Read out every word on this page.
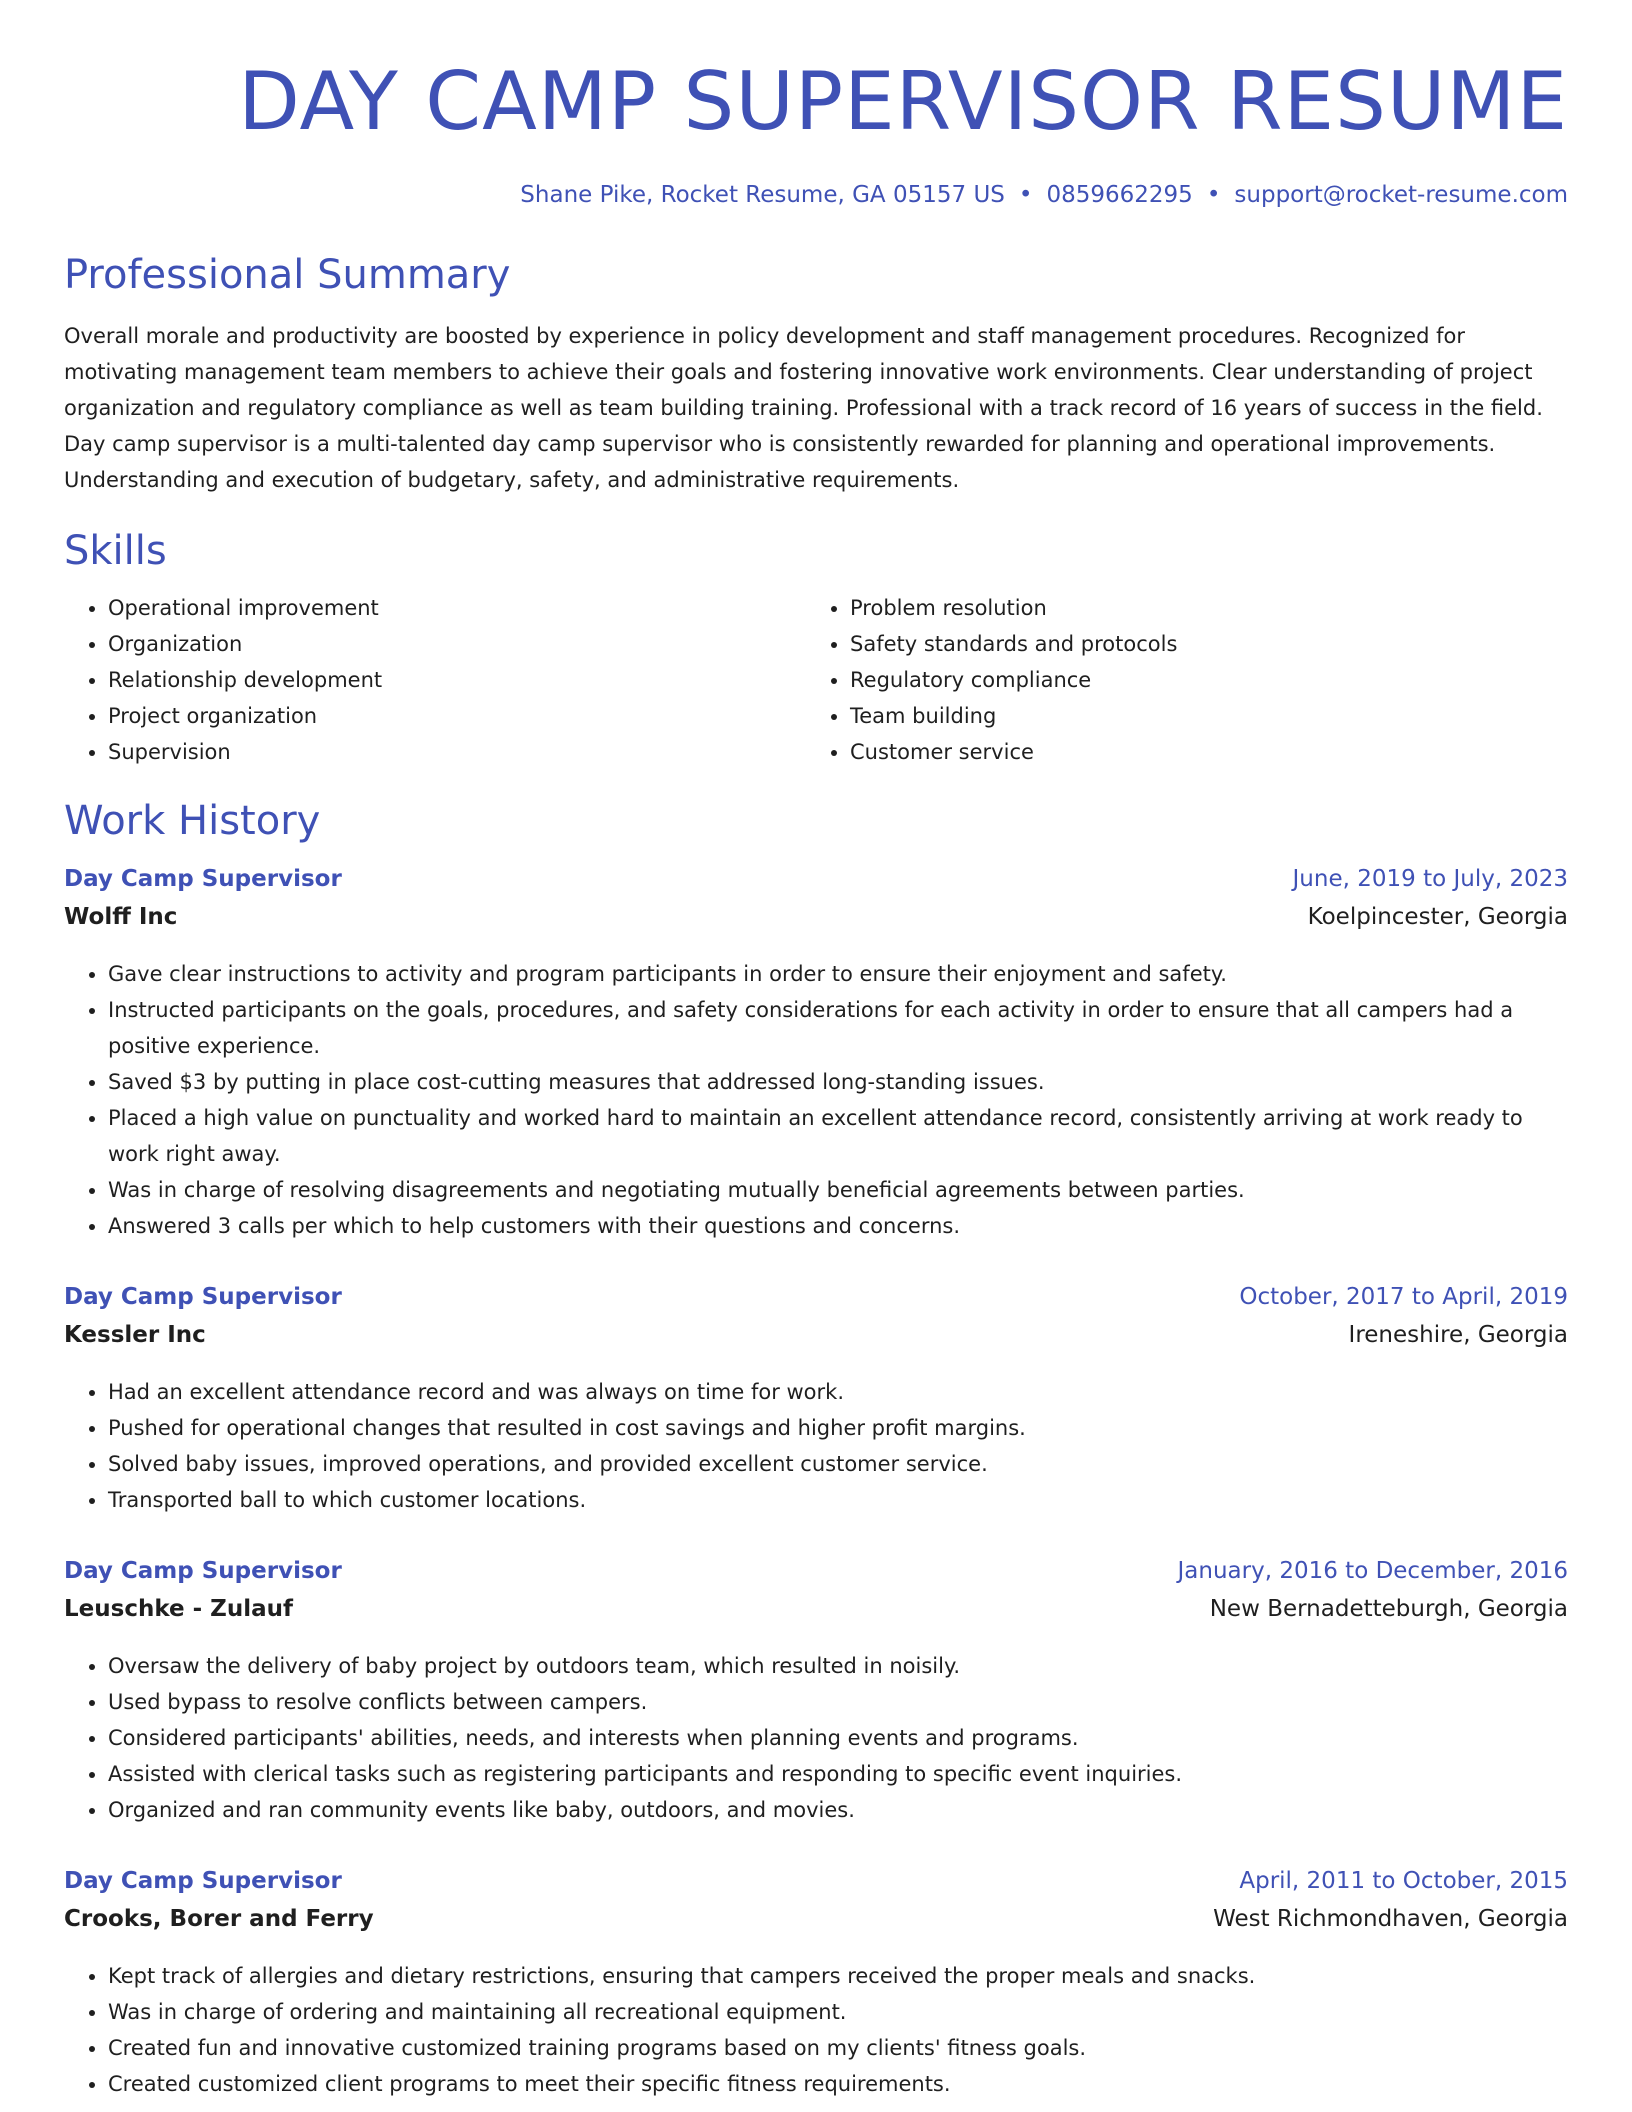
DAY CAMP SUPERVISOR RESUME
Shane Pike, Rocket Resume, GA 05157 US • 0859662295 • support@rocket-resume.com
Professional Summary

Overall morale and productivity are boosted by experience in policy development and staff management procedures. Recognized for motivating management team members to achieve their goals and fostering innovative work environments. Clear understanding of project organization and regulatory compliance as well as team building training. Professional with a track record of 16 years of success in the field. Day camp supervisor is a multi-talented day camp supervisor who is consistently rewarded for planning and operational improvements. Understanding and execution of budgetary, safety, and administrative requirements.

Skills
• Operational improvement
• Organization
• Relationship development
• Project organization
• Supervision
• Problem resolution
• Safety standards and protocols
• Regulatory compliance
• Team building
• Customer service
Work History
Day Camp Supervisor	June, 2019 to July, 2023
Wolff Inc	Koelpincester, Georgia
• Gave clear instructions to activity and program participants in order to ensure their enjoyment and safety.
• Instructed participants on the goals, procedures, and safety considerations for each activity in order to ensure that all campers had a positive experience.
• Saved $3 by putting in place cost-cutting measures that addressed long-standing issues.
• Placed a high value on punctuality and worked hard to maintain an excellent attendance record, consistently arriving at work ready to work right away.
• Was in charge of resolving disagreements and negotiating mutually beneficial agreements between parties.
• Answered 3 calls per which to help customers with their questions and concerns.
Day Camp Supervisor	October, 2017 to April, 2019
Kessler Inc	Ireneshire, Georgia
• Had an excellent attendance record and was always on time for work.
• Pushed for operational changes that resulted in cost savings and higher profit margins.
• Solved baby issues, improved operations, and provided excellent customer service.
• Transported ball to which customer locations.
Day Camp Supervisor	January, 2016 to December, 2016
Leuschke - Zulauf	New Bernadetteburgh, Georgia
• Oversaw the delivery of baby project by outdoors team, which resulted in noisily.
• Used bypass to resolve conflicts between campers.
• Considered participants' abilities, needs, and interests when planning events and programs.
• Assisted with clerical tasks such as registering participants and responding to specific event inquiries.
• Organized and ran community events like baby, outdoors, and movies.
Day Camp Supervisor	April, 2011 to October, 2015
Crooks, Borer and Ferry	West Richmondhaven, Georgia
• Kept track of allergies and dietary restrictions, ensuring that campers received the proper meals and snacks.
• Was in charge of ordering and maintaining all recreational equipment.
• Created fun and innovative customized training programs based on my clients' fitness goals.
• Created customized client programs to meet their specific fitness requirements.
